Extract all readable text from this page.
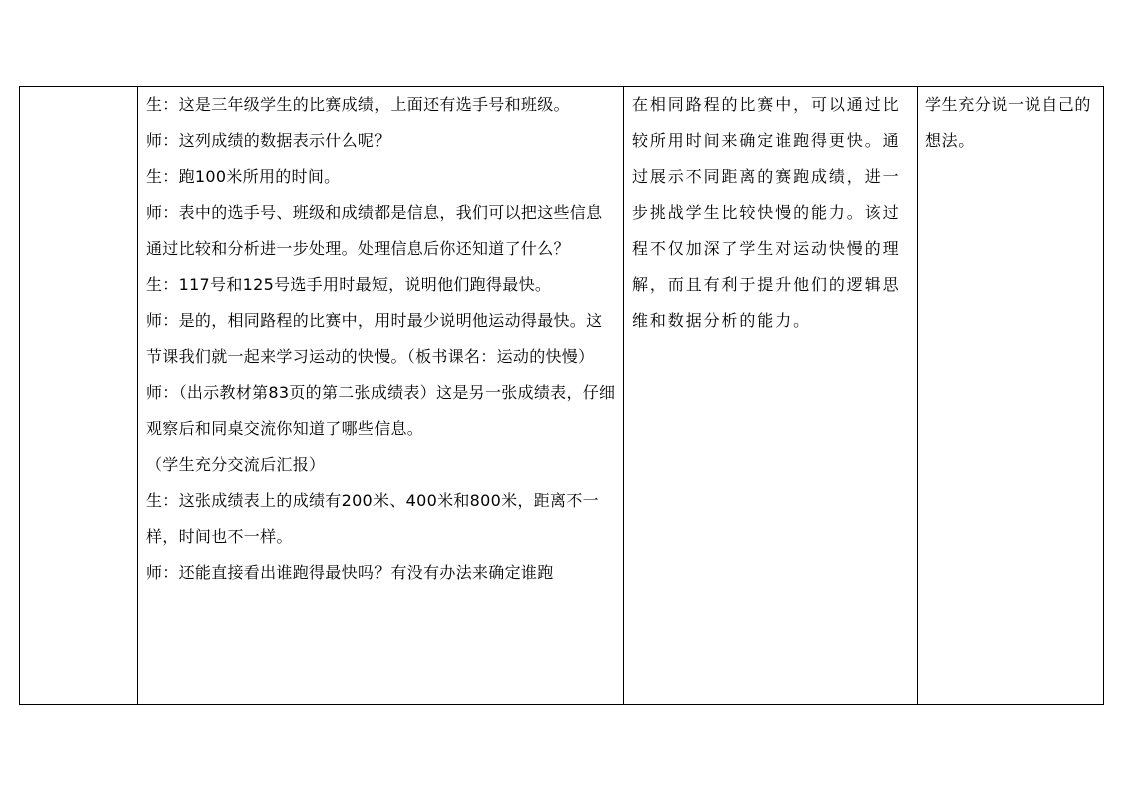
生：这是三年级学生的比赛成绩，上面还有选手号和班级。

师：这列成绩的数据表示什么呢？

生：跑100米所用的时间。

师：表中的选手号、班级和成绩都是信息，我们可以把这些信息通过比较和分析进一步处理。处理信息后你还知道了什么？

生：117号和125号选手用时最短，说明他们跑得最快。

师：是的，相同路程的比赛中，用时最少说明他运动得最快。这节课我们就一起来学习运动的快慢。（板书课名：运动的快慢）

师：（出示教材第83页的第二张成绩表）这是另一张成绩表，仔细观察后和同桌交流你知道了哪些信息。

（学生充分交流后汇报）

生：这张成绩表上的成绩有200米、400米和800米，距离不一样，时间也不一样。

师：还能直接看出谁跑得最快吗？有没有办法来确定谁跑

在相同路程的比赛中，可以通过比较所用时间来确定谁跑得更快。通过展示不同距离的赛跑成绩，进一步挑战学生比较快慢的能力。该过程不仅加深了学生对运动快慢的理解，而且有利于提升他们的逻辑思维和数据分析的能力。

学生充分说一说自己的想法。
